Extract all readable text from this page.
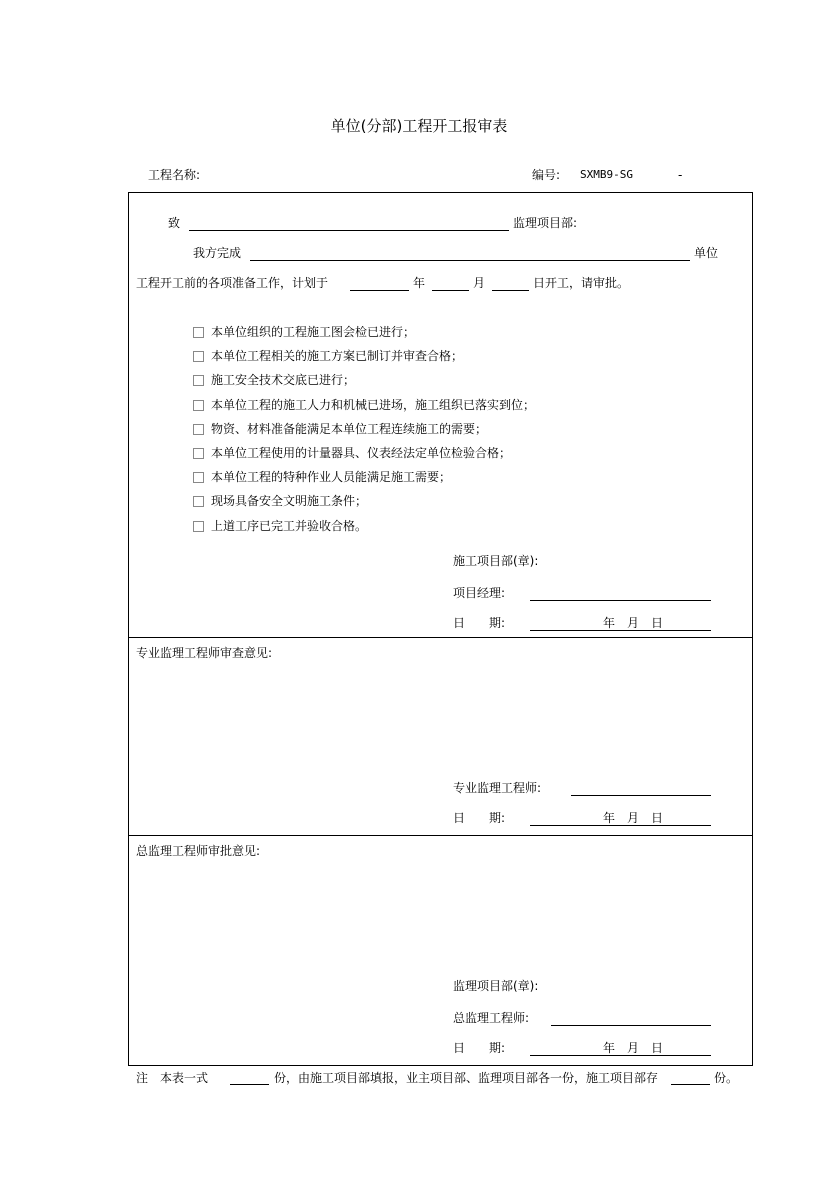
单位(分部)工程开工报审表
工程名称:	编号: SXMB9-SG	-
致	监理项目部:
我方完成	单位
工程开工前的各项准备工作，计划于	年	月	日开工，请审批。
本单位组织的工程施工图会检已进行；
本单位工程相关的施工方案已制订并审查合格；
施工安全技术交底已进行；
本单位工程的施工人力和机械已进场，施工组织已落实到位；
物资、材料准备能满足本单位工程连续施工的需要；
本单位工程使用的计量器具、仪表经法定单位检验合格；
本单位工程的特种作业人员能满足施工需要；
现场具备安全文明施工条件；
上道工序已完工并验收合格。
施工项目部(章):
项目经理:
日　　期:	年　月　日
专业监理工程师审查意见:
专业监理工程师:
日　　期:	年　月　日
总监理工程师审批意见:
监理项目部(章):
总监理工程师:
日　　期:	年　月　日
注　本表一式	份，由施工项目部填报，业主项目部、监理项目部各一份，施工项目部存	份。
